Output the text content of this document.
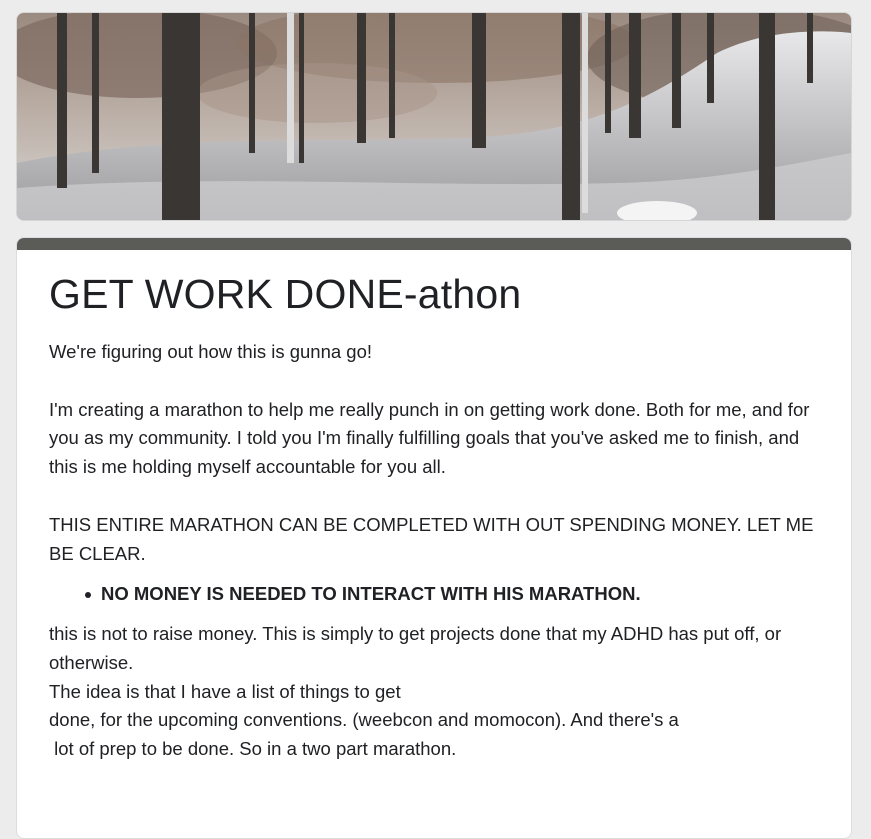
GET WORK DONE-athon

We're figuring out how this is gunna go!

I'm creating a marathon to help me really punch in on getting work done. Both for me, and for you as my community. I told you I'm finally fulfilling goals that you've asked me to finish, and this is me holding myself accountable for you all.

THIS ENTIRE MARATHON CAN BE COMPLETED WITH OUT SPENDING MONEY. LET ME BE CLEAR.

NO MONEY IS NEEDED TO INTERACT WITH HIS MARATHON.

this is not to raise money. This is simply to get projects done that my ADHD has put off, or otherwise.

The idea is that I have a list of things to get

done, for the upcoming conventions. (weebcon and momocon). And there's a

lot of prep to be done. So in a two part marathon.
